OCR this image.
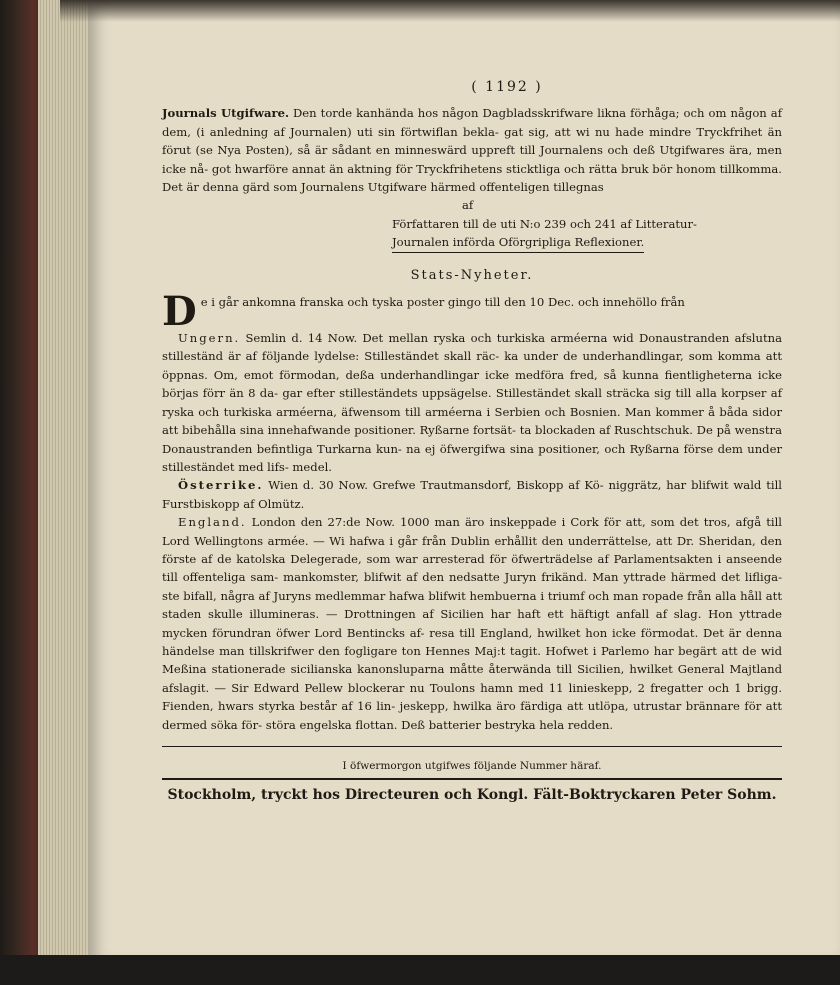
( 1192 )

Journals Utgifware. Den torde kanhända hos någon Dagbladsskrifware likna förhåga; och om någon af dem, (i anledning af Journalen) uti sin förtwiflan bekla- gat sig, att wi nu hade mindre Tryckfrihet än förut (se Nya Posten), så är sådant en minneswärd uppreft till Journalens och deß Utgifwares ära, men icke nå- got hwarföre annat än aktning för Tryckfrihetens sticktliga och rätta bruk bör honom tillkomma. Det är denna gärd som Journalens Utgifware härmed offenteligen tillegnas

af
Författaren till de uti N:o 239 och 241 af Litteratur-
Journalen införda Oförgripliga Reflexioner.
Stats-Nyheter.
D e i går ankomna franska och tyska poster gingo till den 10 Dec. och innehöllo från

Ungern. Semlin d. 14 Now. Det mellan ryska och turkiska arméerna wid Donaustranden afslutna stilleständ är af följande lydelse: Stilleständet skall räc- ka under de underhandlingar, som komma att öppnas. Om, emot förmodan, deßa underhandlingar icke medföra fred, så kunna fientligheterna icke börjas förr än 8 da- gar efter stilleständets uppsägelse. Stilleständet skall sträcka sig till alla korpser af ryska och turkiska arméerna, äfwensom till arméerna i Serbien och Bosnien. Man kommer å båda sidor att bibehålla sina innehafwande positioner. Ryßarne fortsät- ta blockaden af Ruschtschuk. De på wenstra Donaustranden befintliga Turkarna kun- na ej öfwergifwa sina positioner, och Ryßarna förse dem under stilleständet med lifs- medel.

Österrike. Wien d. 30 Now. Grefwe Trautmansdorf, Biskopp af Kö- niggrätz, har blifwit wald till Furstbiskopp af Olmütz.

England. London den 27:de Now. 1000 man äro inskeppade i Cork för att, som det tros, afgå till Lord Wellingtons armée. — Wi hafwa i går från Dublin erhållit den underrättelse, att Dr. Sheridan, den förste af de katolska Delegerade, som war arresterad för öfwerträdelse af Parlamentsakten i anseende till offenteliga sam- mankomster, blifwit af den nedsatte Juryn frikänd. Man yttrade härmed det lifliga- ste bifall, några af Juryns medlemmar hafwa blifwit hembuerna i triumf och man ropade från alla håll att staden skulle illumineras. — Drottningen af Sicilien har haft ett häftigt anfall af slag. Hon yttrade mycken förundran öfwer Lord Bentincks af- resa till England, hwilket hon icke förmodat. Det är denna händelse man tillskrifwer den fogligare ton Hennes Maj:t tagit. Hofwet i Parlemo har begärt att de wid Meßina stationerade sicilianska kanonsluparna måtte återwända till Sicilien, hwilket General Majtland afslagit. — Sir Edward Pellew blockerar nu Toulons hamn med 11 linieskepp, 2 fregatter och 1 brigg. Fienden, hwars styrka består af 16 lin- jeskepp, hwilka äro färdiga att utlöpa, utrustar brännare för att dermed söka för- störa engelska flottan. Deß batterier bestryka hela redden.

I öfwermorgon utgifwes följande Nummer häraf.
Stockholm, tryckt hos Directeuren och Kongl. Fält-Boktryckaren Peter Sohm.
